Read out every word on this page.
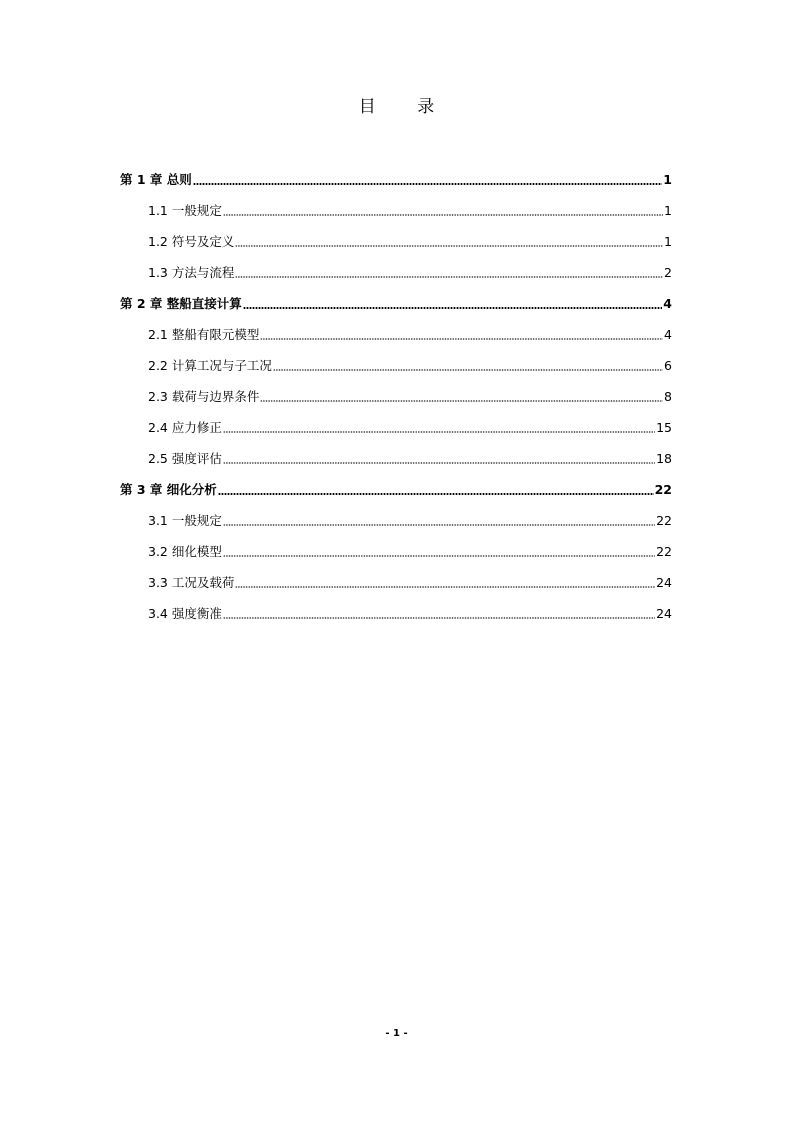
目 录
第 1 章 总则	1
1.1 一般规定	1
1.2 符号及定义	1
1.3 方法与流程	2
第 2 章 整船直接计算	4
2.1 整船有限元模型	4
2.2 计算工况与子工况	6
2.3 载荷与边界条件	8
2.4 应力修正	15
2.5 强度评估	18
第 3 章 细化分析	22
3.1 一般规定	22
3.2 细化模型	22
3.3 工况及载荷	24
3.4 强度衡准	24
- 1 -
